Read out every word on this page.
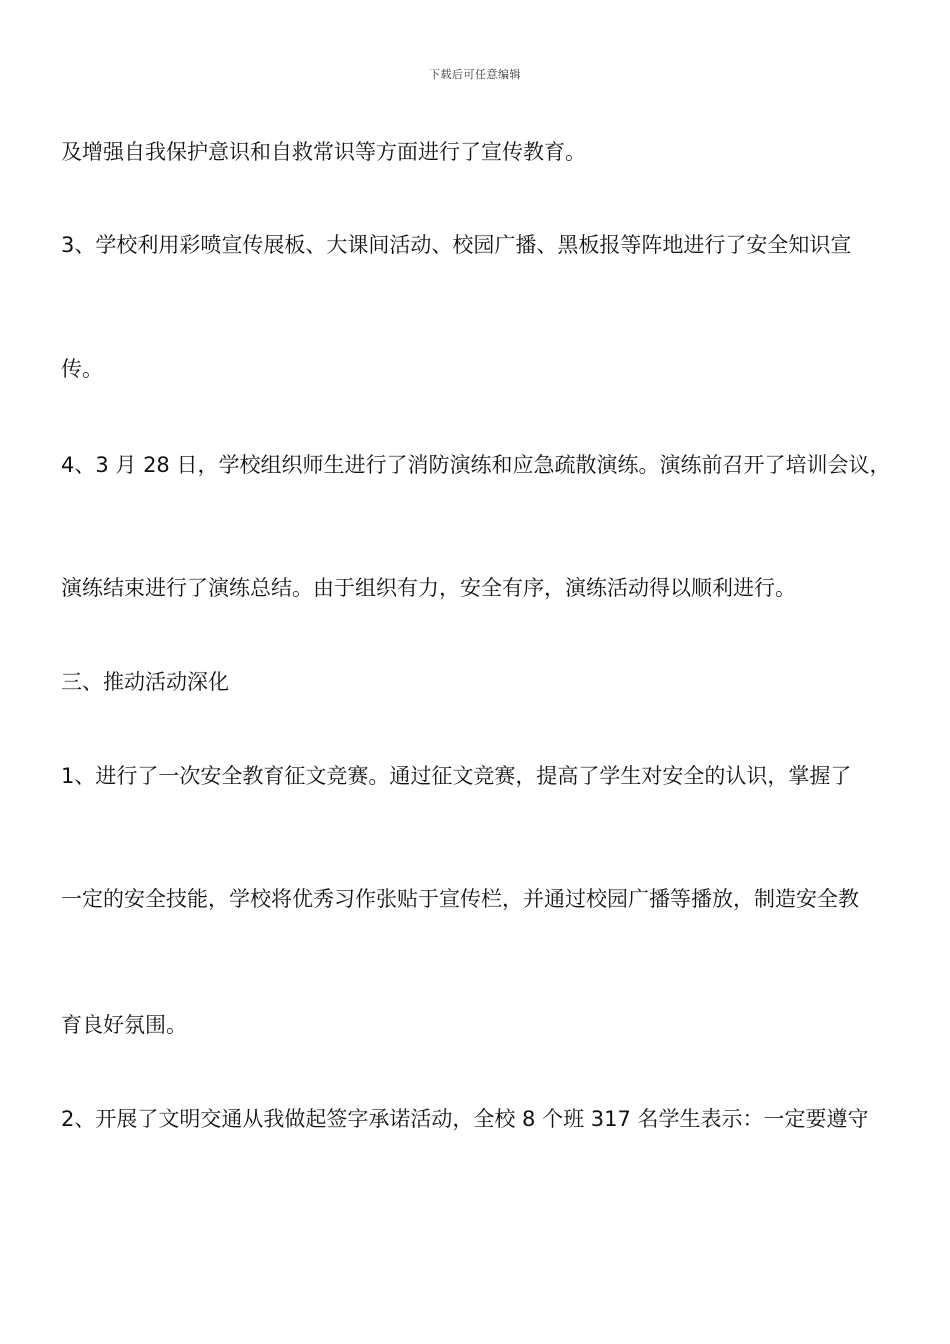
下载后可任意编辑
及增强自我保护意识和自救常识等方面进行了宣传教育。
3、学校利用彩喷宣传展板、大课间活动、校园广播、黑板报等阵地进行了安全知识宣
传。
4、3 月 28 日，学校组织师生进行了消防演练和应急疏散演练。演练前召开了培训会议，
演练结束进行了演练总结。由于组织有力，安全有序，演练活动得以顺利进行。
三、推动活动深化
1、进行了一次安全教育征文竞赛。通过征文竞赛，提高了学生对安全的认识，掌握了
一定的安全技能，学校将优秀习作张贴于宣传栏，并通过校园广播等播放，制造安全教
育良好氛围。
2、开展了文明交通从我做起签字承诺活动，全校 8 个班 317 名学生表示：一定要遵守
